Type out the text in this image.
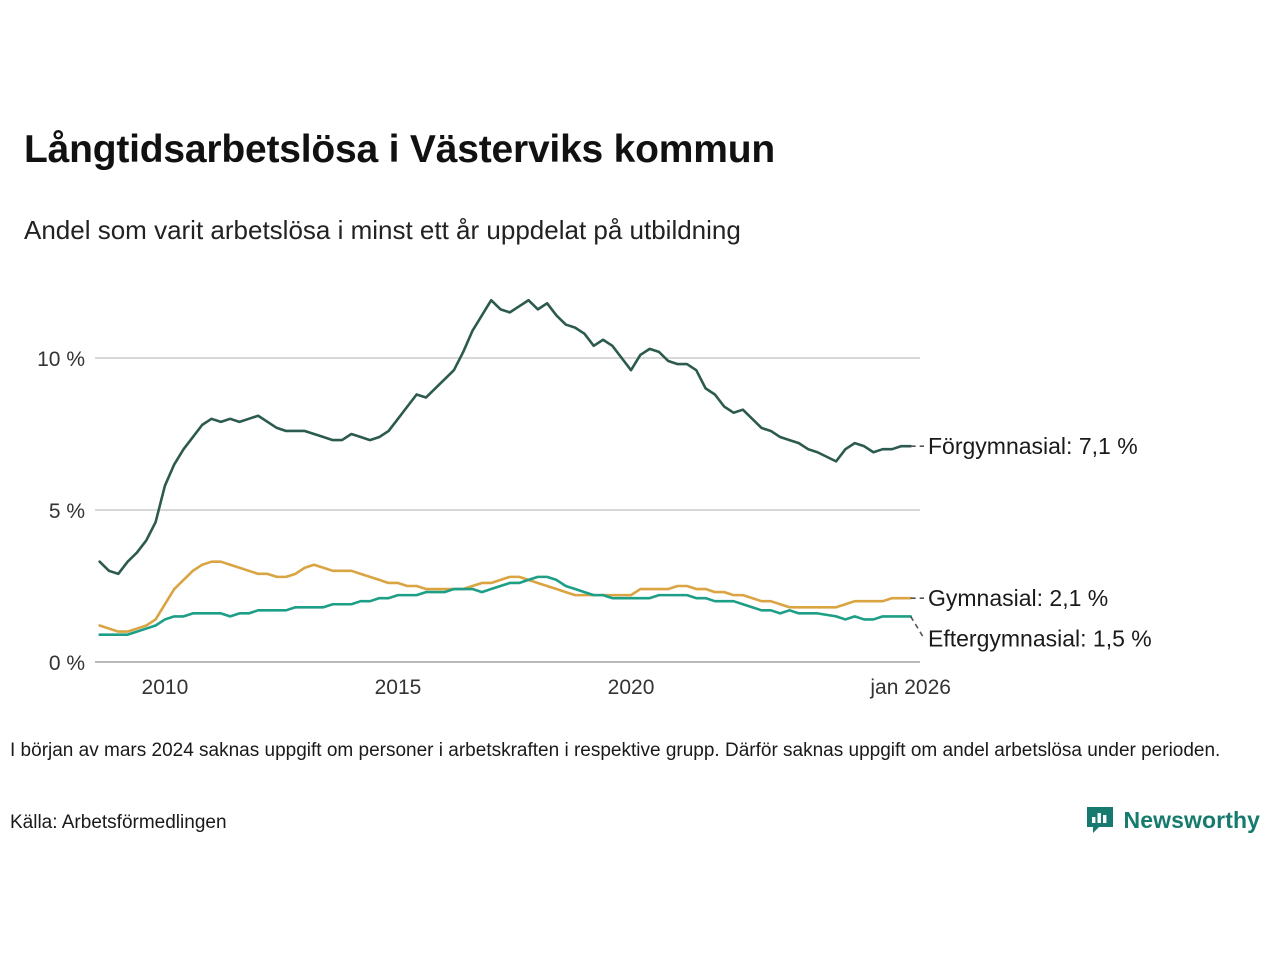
Långtidsarbetslösa i Västerviks kommun
Andel som varit arbetslösa i minst ett år uppdelat på utbildning
10 %
5 %
0 %
Förgymnasial: 7,1 %
Gymnasial: 2,1 %
Eftergymnasial: 1,5 %
2010	2015	2020	jan 2026
I början av mars 2024 saknas uppgift om personer i arbetskraften i respektive grupp. Därför saknas uppgift om andel arbetslösa under perioden.
Källa: Arbetsförmedlingen	Newsworthy
